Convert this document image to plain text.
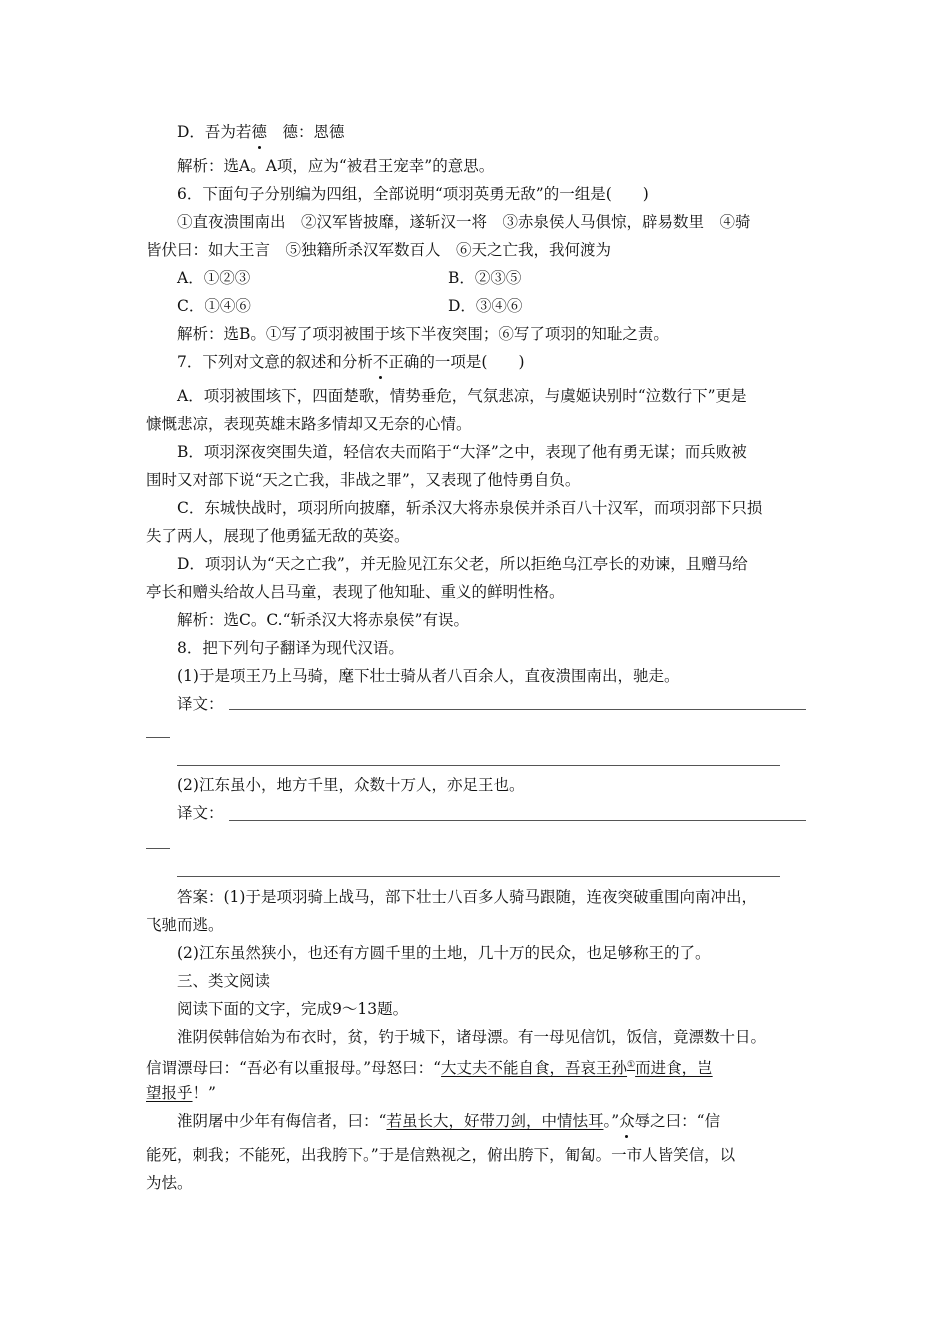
D．吾为若德　德：恩德
解析：选A。A项，应为“被君王宠幸”的意思。
6．下面句子分别编为四组，全部说明“项羽英勇无敌”的一组是(　　)
①直夜溃围南出　②汉军皆披靡，遂斩汉一将　③赤泉侯人马俱惊，辟易数里　④骑
皆伏曰：如大王言　⑤独籍所杀汉军数百人　⑥天之亡我，我何渡为
A．①②③	B．②③⑤
C．①④⑥	D．③④⑥
解析：选B。①写了项羽被围于垓下半夜突围；⑥写了项羽的知耻之责。
7．下列对文意的叙述和分析不正确的一项是(　　)
A．项羽被围垓下，四面楚歌，情势垂危，气氛悲凉，与虞姬诀别时“泣数行下”更是
慷慨悲凉，表现英雄末路多情却又无奈的心情。
B．项羽深夜突围失道，轻信农夫而陷于“大泽”之中，表现了他有勇无谋；而兵败被
围时又对部下说“天之亡我，非战之罪”，又表现了他恃勇自负。
C．东城快战时，项羽所向披靡，斩杀汉大将赤泉侯并杀百八十汉军，而项羽部下只损
失了两人，展现了他勇猛无敌的英姿。
D．项羽认为“天之亡我”，并无脸见江东父老，所以拒绝乌江亭长的劝谏，且赠马给
亭长和赠头给故人吕马童，表现了他知耻、重义的鲜明性格。
解析：选C。C.“斩杀汉大将赤泉侯”有误。
8．把下列句子翻译为现代汉语。
(1)于是项王乃上马骑，麾下壮士骑从者八百余人，直夜溃围南出，驰走。
译文：
(2)江东虽小，地方千里，众数十万人，亦足王也。
译文：
答案：(1)于是项羽骑上战马，部下壮士八百多人骑马跟随，连夜突破重围向南冲出，
飞驰而逃。
(2)江东虽然狭小，也还有方圆千里的土地，几十万的民众，也足够称王的了。
三、类文阅读
阅读下面的文字，完成9～13题。
淮阴侯韩信始为布衣时，贫，钓于城下，诸母漂。有一母见信饥，饭信，竟漂数十日。
信谓漂母曰：“吾必有以重报母。”母怒曰：“大丈夫不能自食，吾哀王孙①而进食，岂
望报乎！”
淮阴屠中少年有侮信者，曰：“若虽长大，好带刀剑，中情怯耳。”众辱之曰：“信
能死，刺我；不能死，出我胯下。”于是信熟视之，俯出胯下，匍匐。一市人皆笑信，以
为怯。
